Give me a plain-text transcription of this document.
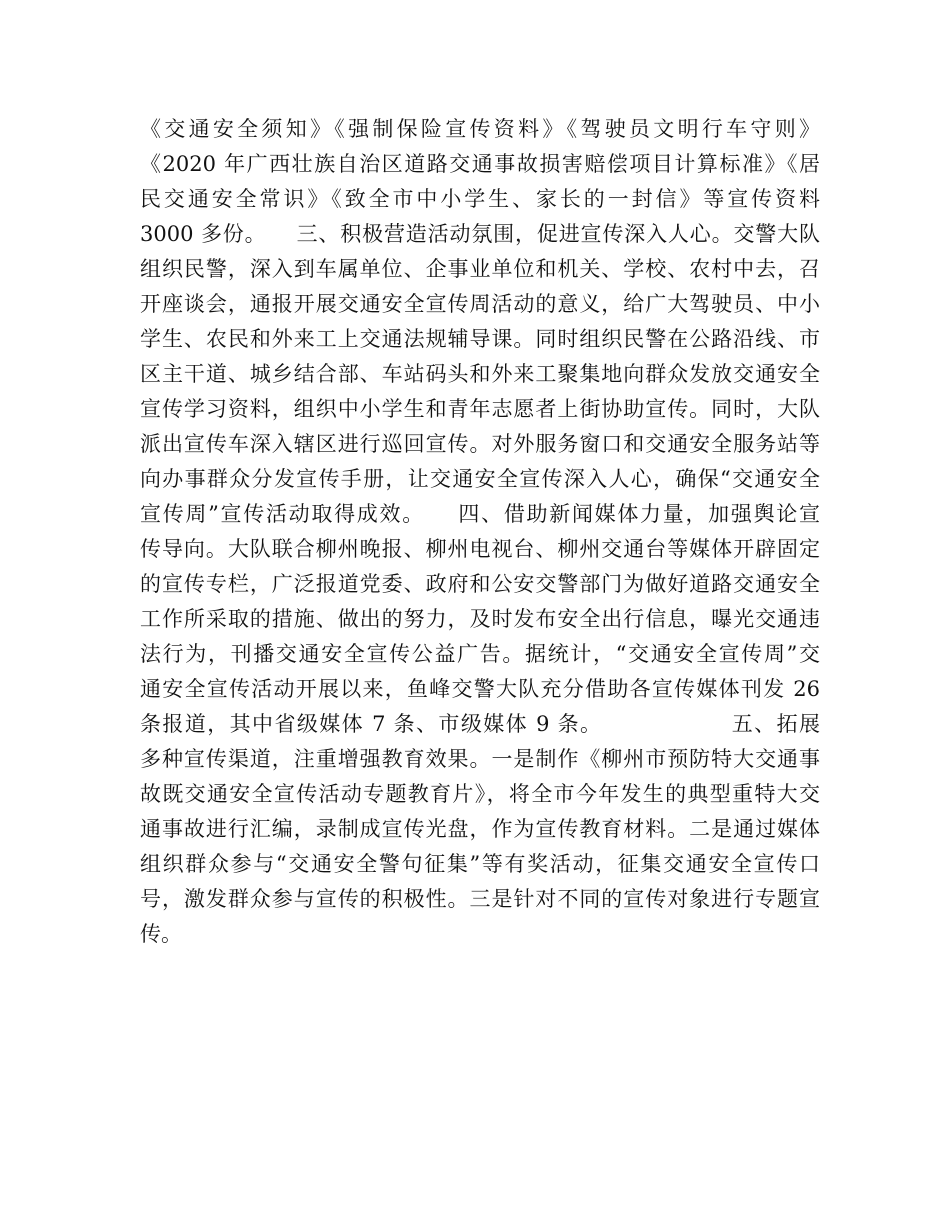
《交通安全须知》《强制保险宣传资料》《驾驶员文明行车守则》
《2020 年广西壮族自治区道路交通事故损害赔偿项目计算标准》《居
民交通安全常识》《致全市中小学生、家长的一封信》等宣传资料
3000 多份。    三、积极营造活动氛围，促进宣传深入人心。交警大队
组织民警，深入到车属单位、企事业单位和机关、学校、农村中去，召
开座谈会，通报开展交通安全宣传周活动的意义，给广大驾驶员、中小
学生、农民和外来工上交通法规辅导课。同时组织民警在公路沿线、市
区主干道、城乡结合部、车站码头和外来工聚集地向群众发放交通安全
宣传学习资料，组织中小学生和青年志愿者上街协助宣传。同时，大队
派出宣传车深入辖区进行巡回宣传。对外服务窗口和交通安全服务站等
向办事群众分发宣传手册，让交通安全宣传深入人心，确保“交通安全
宣传周”宣传活动取得成效。    四、借助新闻媒体力量，加强舆论宣
传导向。大队联合柳州晚报、柳州电视台、柳州交通台等媒体开辟固定
的宣传专栏，广泛报道党委、政府和公安交警部门为做好道路交通安全
工作所采取的措施、做出的努力，及时发布安全出行信息，曝光交通违
法行为，刊播交通安全宣传公益广告。据统计，“交通安全宣传周”交
通安全宣传活动开展以来，鱼峰交警大队充分借助各宣传媒体刊发 26
条报道，其中省级媒体 7 条、市级媒体 9 条。                五、拓展
多种宣传渠道，注重增强教育效果。一是制作《柳州市预防特大交通事
故既交通安全宣传活动专题教育片》，将全市今年发生的典型重特大交
通事故进行汇编，录制成宣传光盘，作为宣传教育材料。二是通过媒体
组织群众参与“交通安全警句征集”等有奖活动，征集交通安全宣传口
号，激发群众参与宣传的积极性。三是针对不同的宣传对象进行专题宣
传。
